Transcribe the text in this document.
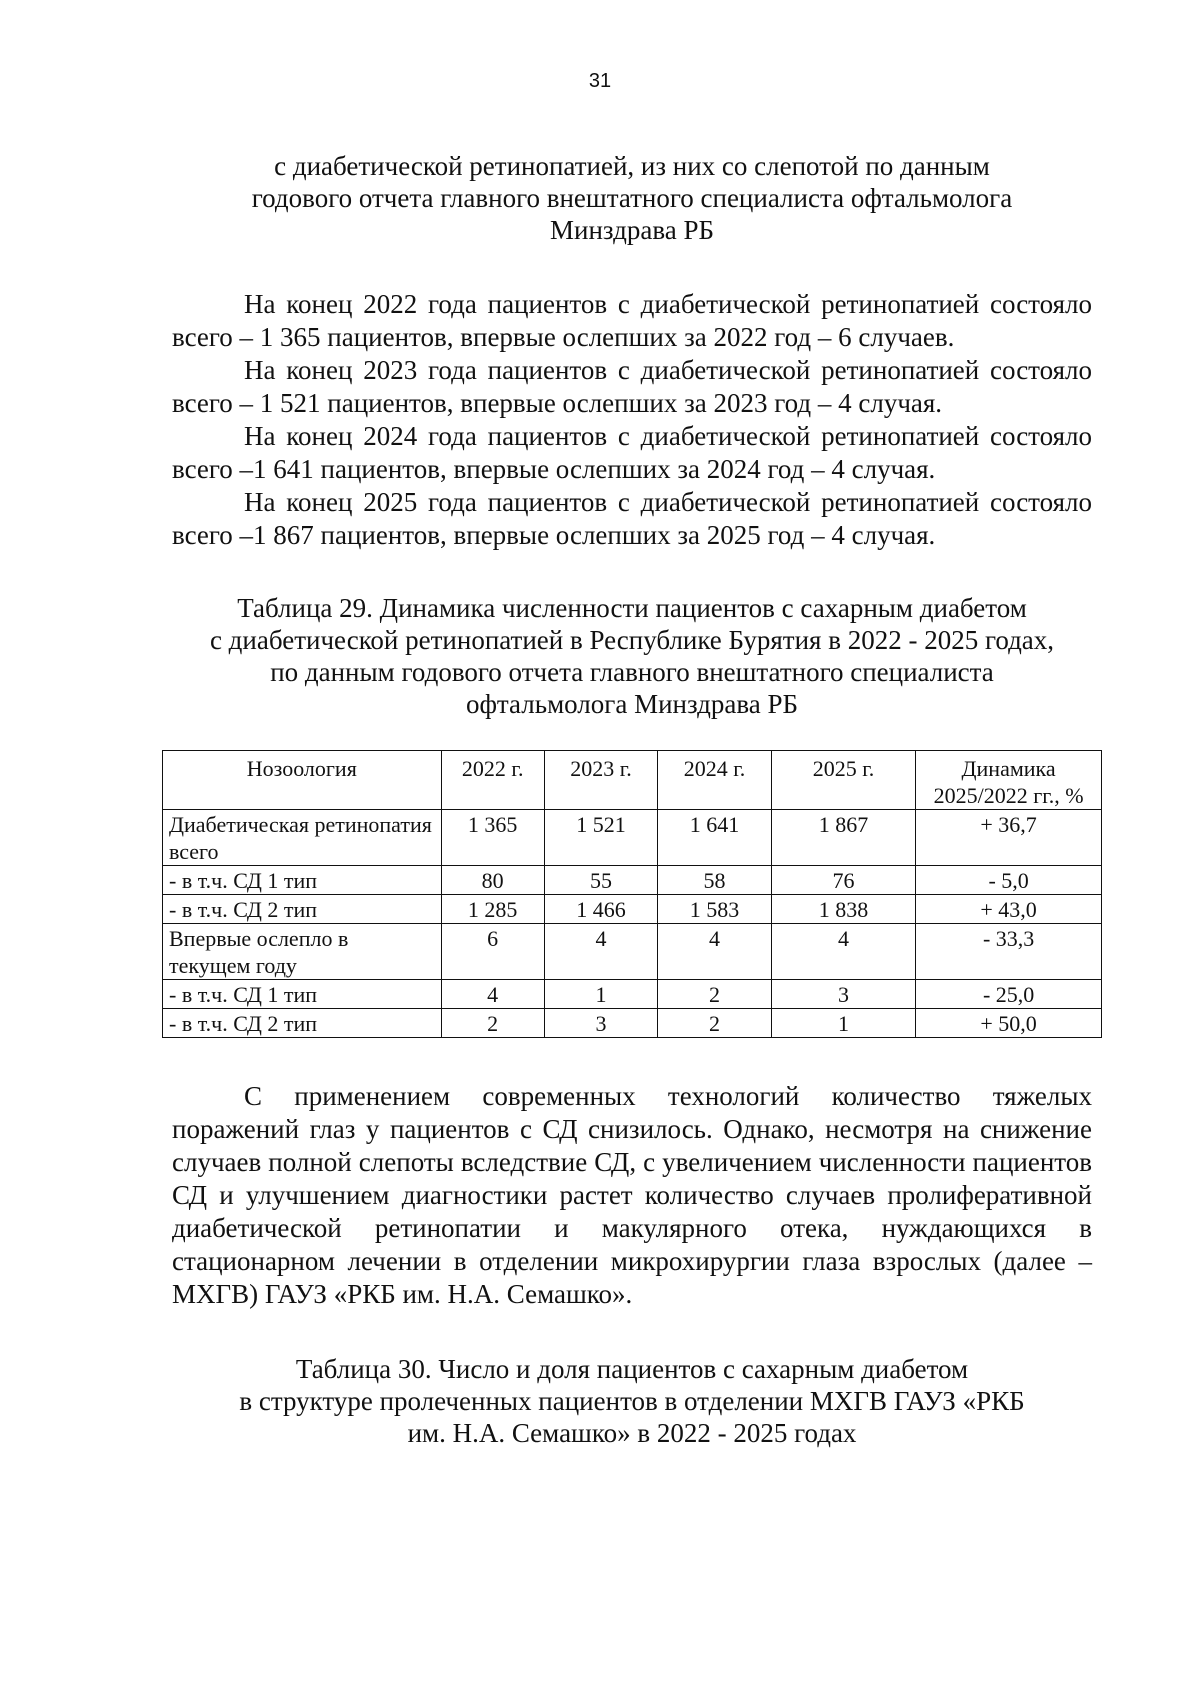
31

с диабетической ретинопатией, из них со слепотой по данным
годового отчета главного внештатного специалиста офтальмолога
Минздрава РБ

На конец 2022 года пациентов с диабетической ретинопатией состояло всего – 1 365 пациентов, впервые ослепших за 2022 год – 6 случаев.

На конец 2023 года пациентов с диабетической ретинопатией состояло всего – 1 521 пациентов, впервые ослепших за 2023 год – 4 случая.

На конец 2024 года пациентов с диабетической ретинопатией состояло всего –1 641 пациентов, впервые ослепших за 2024 год – 4 случая.

На конец 2025 года пациентов с диабетической ретинопатией состояло всего –1 867 пациентов, впервые ослепших за 2025 год – 4 случая.

Таблица 29. Динамика численности пациентов с сахарным диабетом
с диабетической ретинопатией в Республике Бурятия в 2022 - 2025 годах,
по данным годового отчета главного внештатного специалиста
офтальмолога Минздрава РБ

Нозоология	2022 г.	2023 г.	2024 г.	2025 г.	Динамика 2025/2022 гг., %
Диабетическая ретинопатия всего	1 365	1 521	1 641	1 867	+ 36,7
- в т.ч. СД 1 тип	80	55	58	76	- 5,0
- в т.ч. СД 2 тип	1 285	1 466	1 583	1 838	+ 43,0
Впервые ослепло в текущем году	6	4	4	4	- 33,3
- в т.ч. СД 1 тип	4	1	2	3	- 25,0
- в т.ч. СД 2 тип	2	3	2	1	+ 50,0

С применением современных технологий количество тяжелых поражений глаз у пациентов с СД снизилось. Однако, несмотря на снижение случаев полной слепоты вследствие СД, с увеличением численности пациентов СД и улучшением диагностики растет количество случаев пролиферативной диабетической ретинопатии и макулярного отека, нуждающихся в стационарном лечении в отделении микрохирургии глаза взрослых (далее – МХГВ) ГАУЗ «РКБ им. Н.А. Семашко».

Таблица 30. Число и доля пациентов с сахарным диабетом
в структуре пролеченных пациентов в отделении МХГВ ГАУЗ «РКБ
им. Н.А. Семашко» в 2022 - 2025 годах
